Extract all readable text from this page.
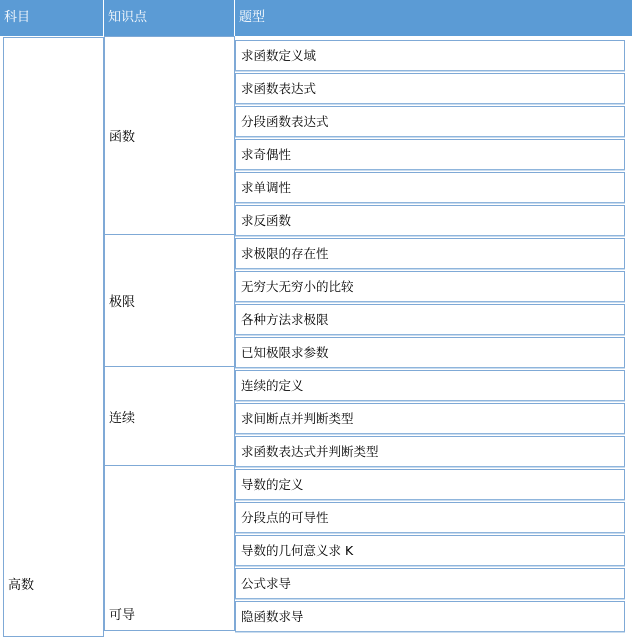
科目	知识点	题型
高数
函数
极限
连续
可导
求函数定义域
求函数表达式
分段函数表达式
求奇偶性
求单调性
求反函数
求极限的存在性
无穷大无穷小的比较
各种方法求极限
已知极限求参数
连续的定义
求间断点并判断类型
求函数表达式并判断类型
导数的定义
分段点的可导性
导数的几何意义求 K
公式求导
隐函数求导
